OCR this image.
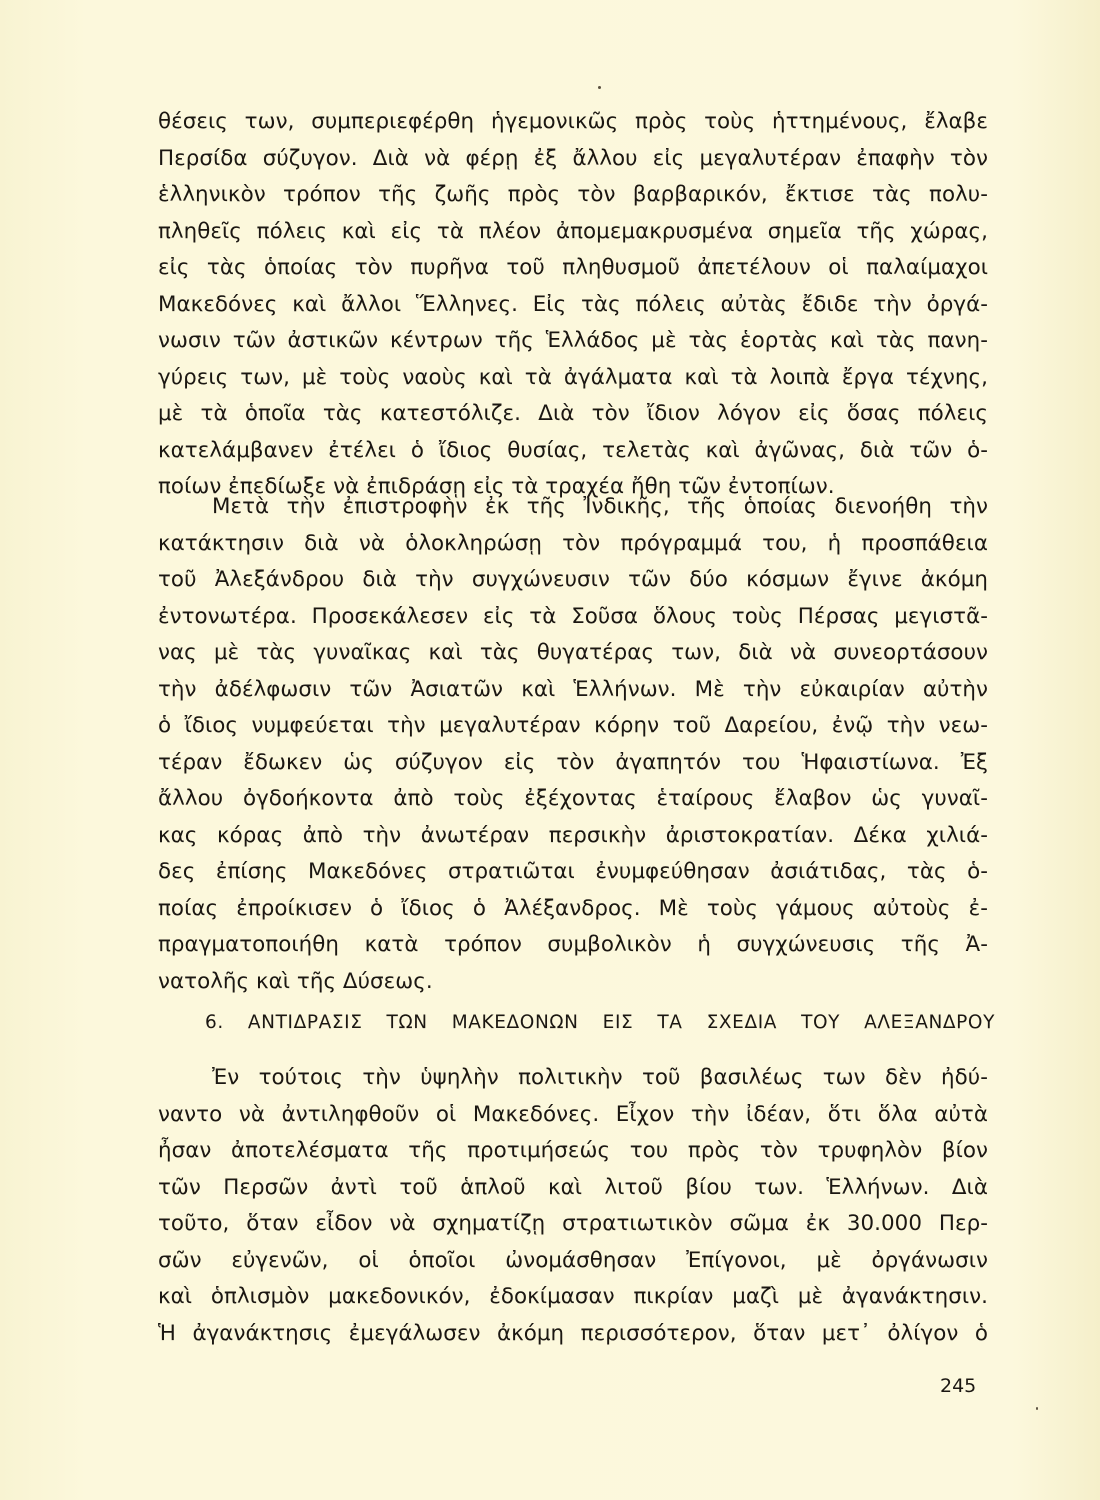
θέσεις των, συμπεριεφέρθη ἡγεμονικῶς πρὸς τοὺς ἡττημένους, ἔλαβε
Περσίδα σύζυγον. Διὰ νὰ φέρῃ ἐξ ἄλλου εἰς μεγαλυτέραν ἐπαφὴν τὸν
ἑλληνικὸν τρόπον τῆς ζωῆς πρὸς τὸν βαρβαρικόν, ἔκτισε τὰς πολυ-
πληθεῖς πόλεις καὶ εἰς τὰ πλέον ἀπομεμακρυσμένα σημεῖα τῆς χώρας,
εἰς τὰς ὁποίας τὸν πυρῆνα τοῦ πληθυσμοῦ ἀπετέλουν οἱ παλαίμαχοι
Μακεδόνες καὶ ἄλλοι Ἕλληνες. Εἰς τὰς πόλεις αὐτὰς ἔδιδε τὴν ὀργά-
νωσιν τῶν ἀστικῶν κέντρων τῆς Ἑλλάδος μὲ τὰς ἑορτὰς καὶ τὰς πανη-
γύρεις των, μὲ τοὺς ναοὺς καὶ τὰ ἀγάλματα καὶ τὰ λοιπὰ ἔργα τέχνης,
μὲ τὰ ὁποῖα τὰς κατεστόλιζε. Διὰ τὸν ἴδιον λόγον εἰς ὅσας πόλεις
κατελάμβανεν ἐτέλει ὁ ἴδιος θυσίας, τελετὰς καὶ ἀγῶνας, διὰ τῶν ὁ-
ποίων ἐπεδίωξε νὰ ἐπιδράσῃ εἰς τὰ τραχέα ἤθη τῶν ἐντοπίων.
Μετὰ τὴν ἐπιστροφὴν ἐκ τῆς Ἰνδικῆς, τῆς ὁποίας διενοήθη τὴν
κατάκτησιν διὰ νὰ ὁλοκληρώσῃ τὸν πρόγραμμά του, ἡ προσπάθεια
τοῦ Ἀλεξάνδρου διὰ τὴν συγχώνευσιν τῶν δύο κόσμων ἔγινε ἀκόμη
ἐντονωτέρα. Προσεκάλεσεν εἰς τὰ Σοῦσα ὅλους τοὺς Πέρσας μεγιστᾶ-
νας μὲ τὰς γυναῖκας καὶ τὰς θυγατέρας των, διὰ νὰ συνεορτάσουν
τὴν ἀδέλφωσιν τῶν Ἀσιατῶν καὶ Ἑλλήνων. Μὲ τὴν εὐκαιρίαν αὐτὴν
ὁ ἴδιος νυμφεύεται τὴν μεγαλυτέραν κόρην τοῦ Δαρείου, ἐνῷ τὴν νεω-
τέραν ἔδωκεν ὡς σύζυγον εἰς τὸν ἀγαπητόν του Ἡφαιστίωνα. Ἐξ
ἄλλου ὀγδοήκοντα ἀπὸ τοὺς ἐξέχοντας ἑταίρους ἔλαβον ὡς γυναῖ-
κας κόρας ἀπὸ τὴν ἀνωτέραν περσικὴν ἀριστοκρατίαν. Δέκα χιλιά-
δες ἐπίσης Μακεδόνες στρατιῶται ἐνυμφεύθησαν ἀσιάτιδας, τὰς ὁ-
ποίας ἐπροίκισεν ὁ ἴδιος ὁ Ἀλέξανδρος. Μὲ τοὺς γάμους αὐτοὺς ἐ-
πραγματοποιήθη κατὰ τρόπον συμβολικὸν ἡ συγχώνευσις τῆς Ἀ-
νατολῆς καὶ τῆς Δύσεως.
6. ΑΝΤΙΔΡΑΣΙΣ ΤΩΝ ΜΑΚΕΔΟΝΩΝ ΕΙΣ ΤΑ ΣΧΕΔΙΑ ΤΟΥ ΑΛΕΞΑΝΔΡΟΥ
Ἐν τούτοις τὴν ὑψηλὴν πολιτικὴν τοῦ βασιλέως των δὲν ἠδύ-
ναντο νὰ ἀντιληφθοῦν οἱ Μακεδόνες. Εἶχον τὴν ἰδέαν, ὅτι ὅλα αὐτὰ
ἦσαν ἀποτελέσματα τῆς προτιμήσεώς του πρὸς τὸν τρυφηλὸν βίον
τῶν Περσῶν ἀντὶ τοῦ ἁπλοῦ καὶ λιτοῦ βίου των. Ἑλλήνων. Διὰ
τοῦτο, ὅταν εἶδον νὰ σχηματίζῃ στρατιωτικὸν σῶμα ἐκ 30.000 Περ-
σῶν εὐγενῶν, οἱ ὁποῖοι ὠνομάσθησαν Ἐπίγονοι, μὲ ὀργάνωσιν
καὶ ὁπλισμὸν μακεδονικόν, ἐδοκίμασαν πικρίαν μαζὶ μὲ ἀγανάκτησιν.
Ἡ ἀγανάκτησις ἐμεγάλωσεν ἀκόμη περισσότερον, ὅταν μετ᾽ ὀλίγον ὁ
245
